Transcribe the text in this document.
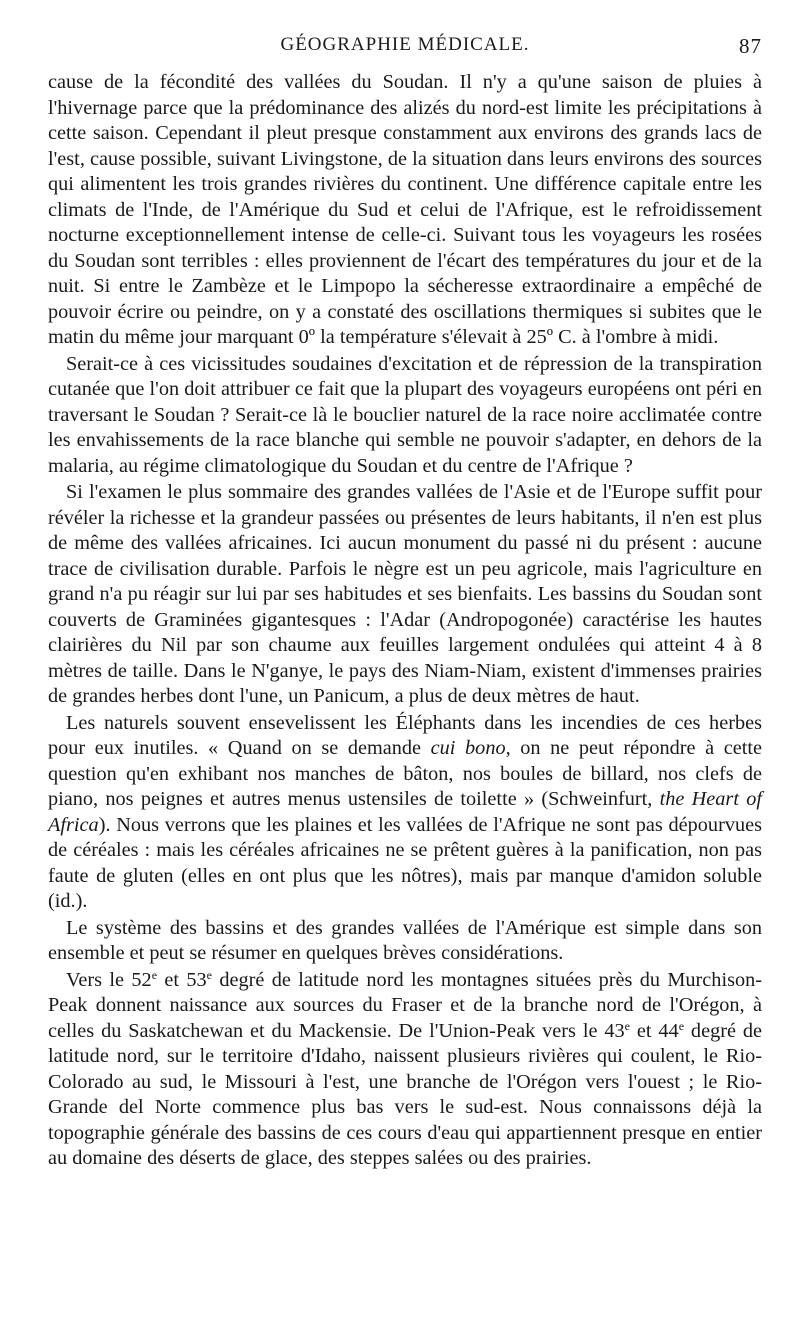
GÉOGRAPHIE MÉDICALE.	87

cause de la fécondité des vallées du Soudan. Il n'y a qu'une saison de pluies à l'hivernage parce que la prédominance des alizés du nord-est limite les précipitations à cette saison. Cependant il pleut presque constamment aux environs des grands lacs de l'est, cause possible, suivant Livingstone, de la situation dans leurs environs des sources qui alimentent les trois grandes rivières du continent. Une différence capitale entre les climats de l'Inde, de l'Amérique du Sud et celui de l'Afrique, est le refroidissement nocturne exceptionnellement intense de celle-ci. Suivant tous les voyageurs les rosées du Soudan sont terribles : elles proviennent de l'écart des températures du jour et de la nuit. Si entre le Zambèze et le Limpopo la sécheresse extraordinaire a empêché de pouvoir écrire ou peindre, on y a constaté des oscillations thermiques si subites que le matin du même jour marquant 0º la température s'élevait à 25º C. à l'ombre à midi.

Serait-ce à ces vicissitudes soudaines d'excitation et de répression de la transpiration cutanée que l'on doit attribuer ce fait que la plupart des voyageurs européens ont péri en traversant le Soudan ? Serait-ce là le bouclier naturel de la race noire acclimatée contre les envahissements de la race blanche qui semble ne pouvoir s'adapter, en dehors de la malaria, au régime climatologique du Soudan et du centre de l'Afrique ?

Si l'examen le plus sommaire des grandes vallées de l'Asie et de l'Europe suffit pour révéler la richesse et la grandeur passées ou présentes de leurs habitants, il n'en est plus de même des vallées africaines. Ici aucun monument du passé ni du présent : aucune trace de civilisation durable. Parfois le nègre est un peu agricole, mais l'agriculture en grand n'a pu réagir sur lui par ses habitudes et ses bienfaits. Les bassins du Soudan sont couverts de Graminées gigantesques : l'Adar (Andropogonée) caractérise les hautes clairières du Nil par son chaume aux feuilles largement ondulées qui atteint 4 à 8 mètres de taille. Dans le N'ganye, le pays des Niam-Niam, existent d'immenses prairies de grandes herbes dont l'une, un Panicum, a plus de deux mètres de haut.

Les naturels souvent ensevelissent les Éléphants dans les incendies de ces herbes pour eux inutiles. « Quand on se demande cui bono, on ne peut répondre à cette question qu'en exhibant nos manches de bâton, nos boules de billard, nos clefs de piano, nos peignes et autres menus ustensiles de toilette » (Schweinfurt, the Heart of Africa). Nous verrons que les plaines et les vallées de l'Afrique ne sont pas dépourvues de céréales : mais les céréales africaines ne se prêtent guères à la panification, non pas faute de gluten (elles en ont plus que les nôtres), mais par manque d'amidon soluble (id.).

Le système des bassins et des grandes vallées de l'Amérique est simple dans son ensemble et peut se résumer en quelques brèves considérations.

Vers le 52e et 53e degré de latitude nord les montagnes situées près du Murchison-Peak donnent naissance aux sources du Fraser et de la branche nord de l'Orégon, à celles du Saskatchewan et du Mackensie. De l'Union-Peak vers le 43e et 44e degré de latitude nord, sur le territoire d'Idaho, naissent plusieurs rivières qui coulent, le Rio-Colorado au sud, le Missouri à l'est, une branche de l'Orégon vers l'ouest ; le Rio-Grande del Norte commence plus bas vers le sud-est. Nous connaissons déjà la topographie générale des bassins de ces cours d'eau qui appartiennent presque en entier au domaine des déserts de glace, des steppes salées ou des prairies.
